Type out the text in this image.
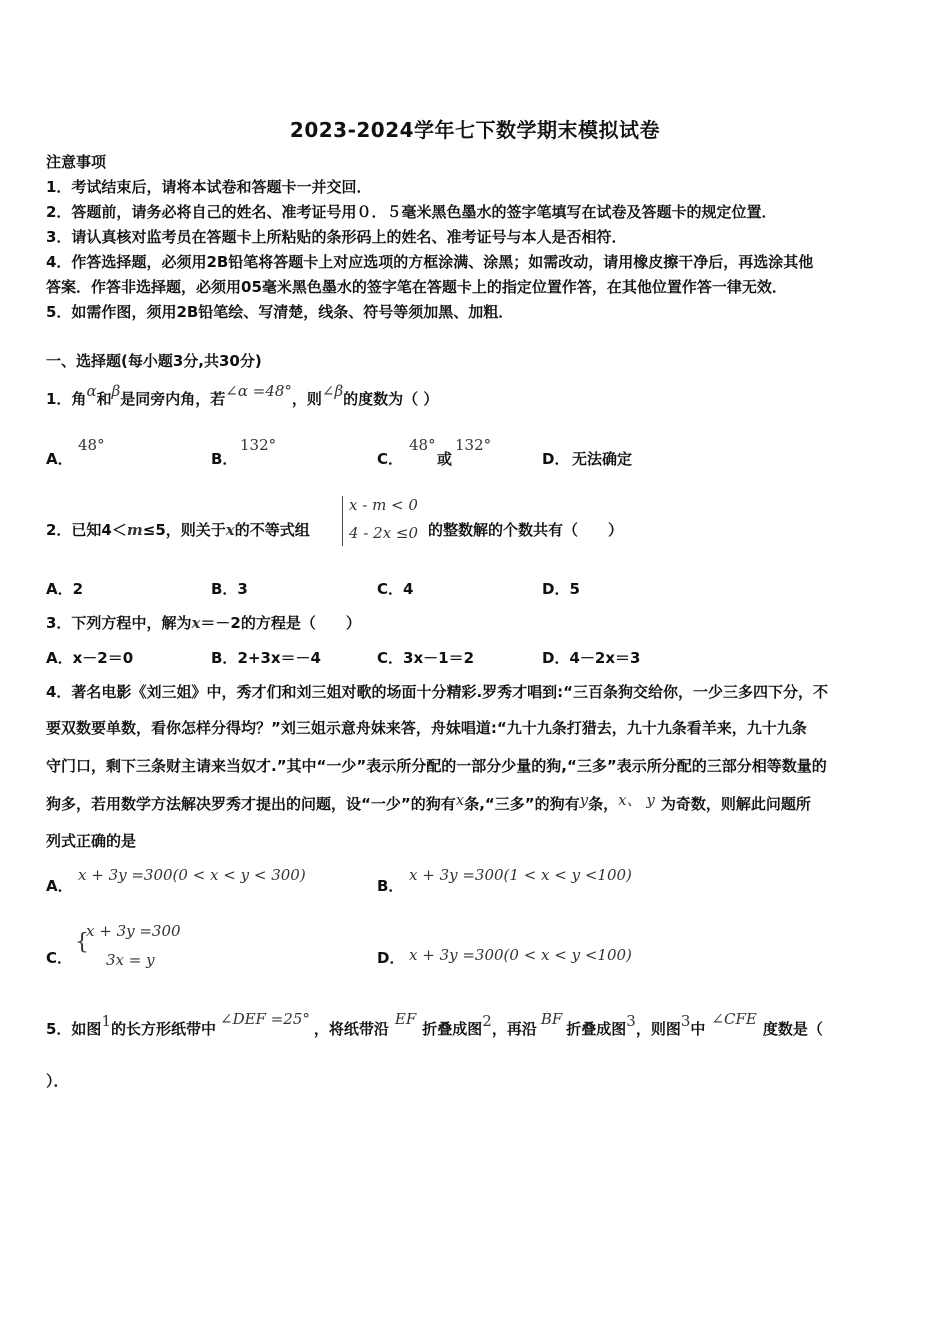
2023-2024学年七下数学期末模拟试卷
注意事项
1．考试结束后，请将本试卷和答题卡一并交回．
2．答题前，请务必将自己的姓名、准考证号用０．５毫米黑色墨水的签字笔填写在试卷及答题卡的规定位置．
3．请认真核对监考员在答题卡上所粘贴的条形码上的姓名、准考证号与本人是否相符．
4．作答选择题，必须用2B铅笔将答题卡上对应选项的方框涂满、涂黑；如需改动，请用橡皮擦干净后，再选涂其他
答案．作答非选择题，必须用05毫米黑色墨水的签字笔在答题卡上的指定位置作答，在其他位置作答一律无效．
5．如需作图，须用2B铅笔绘、写清楚，线条、符号等须加黑、加粗．
一、选择题(每小题3分,共30分)
1．角α和β是同旁内角，若∠α =48°，则∠β的度数为（ ）
A．
48°
B．
132°
C．
48°
或
132°
D． 无法确定
2．已知4＜m≤5，则关于x的不等式组
x - m < 0
4 - 2x ≤0 的整数解的个数共有（　　）
A．2	B．3	C．4	D．5
3．下列方程中，解为x＝－2的方程是（　　）
A．x－2＝0	B．2+3x＝－4	C．3x－1＝2	D．4－2x＝3
4．著名电影《刘三姐》中，秀才们和刘三姐对歌的场面十分精彩.罗秀才唱到:“三百条狗交给你，一少三多四下分，不
要双数要单数，看你怎样分得均？”刘三姐示意舟妹来答，舟妹唱道:“九十九条打猎去，九十九条看羊来，九十九条
守门口，剩下三条财主请来当奴才.”其中“一少”表示所分配的一部分少量的狗,“三多”表示所分配的三部分相等数量的
狗多，若用数学方法解决罗秀才提出的问题，设“一少”的狗有x条,“三多”的狗有y条，x、 y 为奇数，则解此问题所
列式正确的是
A．
x + 3y =300(0 < x < y < 300)
B．
x + 3y =300(1 < x < y <100)
C．
{
x + 3y =300
3x = y	D． x + 3y =300(0 < x < y <100)
5．如图1的长方形纸带中∠DEF =25°，将纸带沿EF折叠成图2，再沿BF折叠成图3，则图3中∠CFE度数是（
）．
